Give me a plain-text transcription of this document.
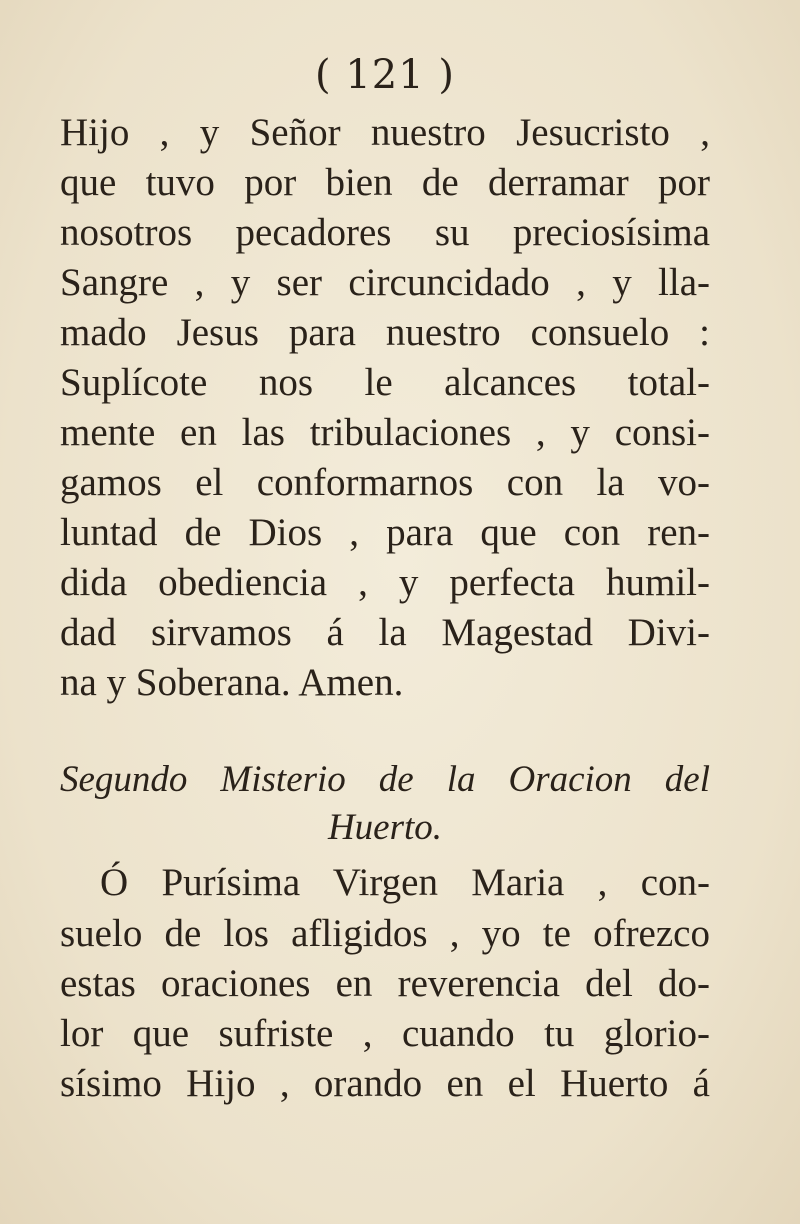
( 121 )
Hijo , y Señor nuestro Jesucristo ,
que tuvo por bien de derramar por
nosotros pecadores su preciosísima
Sangre , y ser circuncidado , y lla-
mado Jesus para nuestro consuelo :
Suplícote nos le alcances total-
mente en las tribulaciones , y consi-
gamos el conformarnos con la vo-
luntad de Dios , para que con ren-
dida obediencia , y perfecta humil-
dad sirvamos á la Magestad Divi-
na y Soberana. Amen.
Segundo Misterio de la Oracion del
Huerto.
Ó Purísima Virgen Maria , con-
suelo de los afligidos , yo te ofrezco
estas oraciones en reverencia del do-
lor que sufriste , cuando tu glorio-
sísimo Hijo , orando en el Huerto á
